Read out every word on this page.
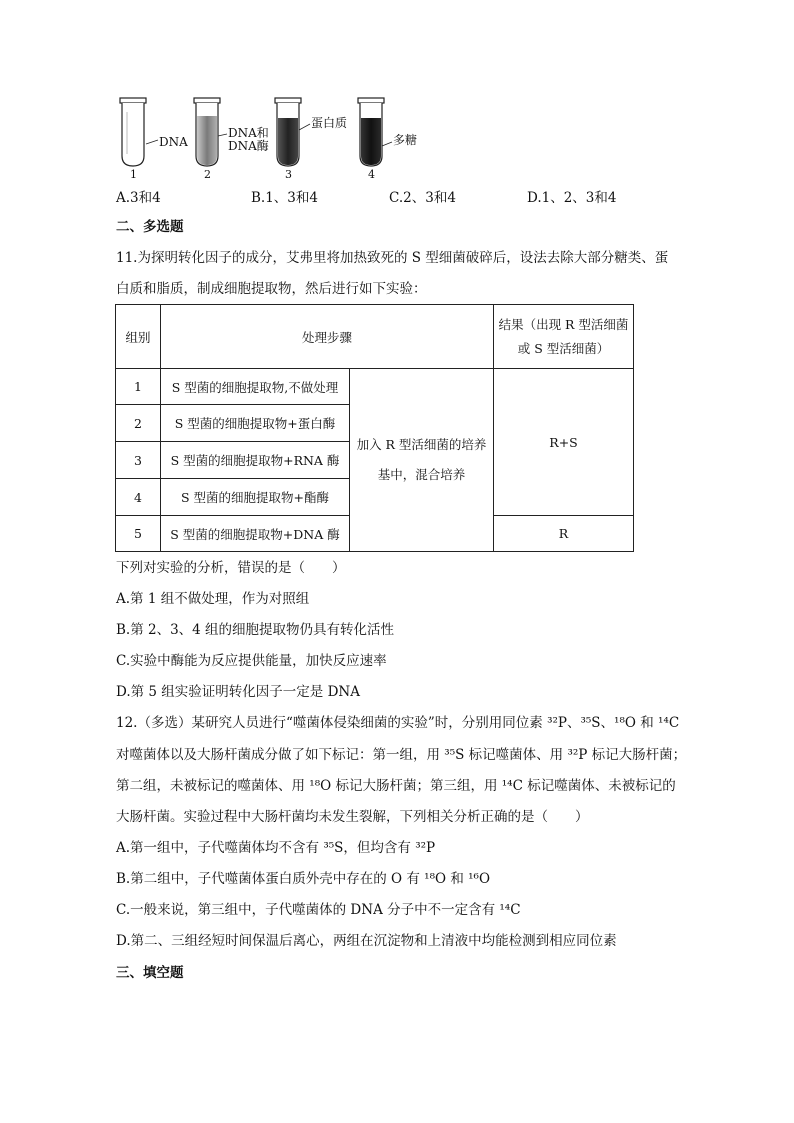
DNA
DNA和
DNA酶
蛋白质
多糖
1	2	3	4
A.3和4	B.1、3和4	C.2、3和4	D.1、2、3和4
二、多选题
11.为探明转化因子的成分，艾弗里将加热致死的 S 型细菌破碎后，设法去除大部分糖类、蛋
白质和脂质，制成细胞提取物，然后进行如下实验：
组别	处理步骤		结果（出现 R 型活细菌或 S 型活细菌）
1	S 型菌的细胞提取物,不做处理	加入 R 型活细菌的培养基中，混合培养	R+S
2	S 型菌的细胞提取物+蛋白酶		
3	S 型菌的细胞提取物+RNA 酶		
4	S 型菌的细胞提取物+酯酶		
5	S 型菌的细胞提取物+DNA 酶		R
下列对实验的分析，错误的是（　　）
A.第 1 组不做处理，作为对照组
B.第 2、3、4 组的细胞提取物仍具有转化活性
C.实验中酶能为反应提供能量，加快反应速率
D.第 5 组实验证明转化因子一定是 DNA
12.（多选）某研究人员进行“噬菌体侵染细菌的实验”时，分别用同位素 ³²P、³⁵S、¹⁸O 和 ¹⁴C
对噬菌体以及大肠杆菌成分做了如下标记：第一组，用 ³⁵S 标记噬菌体、用 ³²P 标记大肠杆菌；
第二组，未被标记的噬菌体、用 ¹⁸O 标记大肠杆菌；第三组，用 ¹⁴C 标记噬菌体、未被标记的
大肠杆菌。实验过程中大肠杆菌均未发生裂解，下列相关分析正确的是（　　）
A.第一组中，子代噬菌体均不含有 ³⁵S，但均含有 ³²P
B.第二组中，子代噬菌体蛋白质外壳中存在的 O 有 ¹⁸O 和 ¹⁶O
C.一般来说，第三组中，子代噬菌体的 DNA 分子中不一定含有 ¹⁴C
D.第二、三组经短时间保温后离心，两组在沉淀物和上清液中均能检测到相应同位素
三、填空题
